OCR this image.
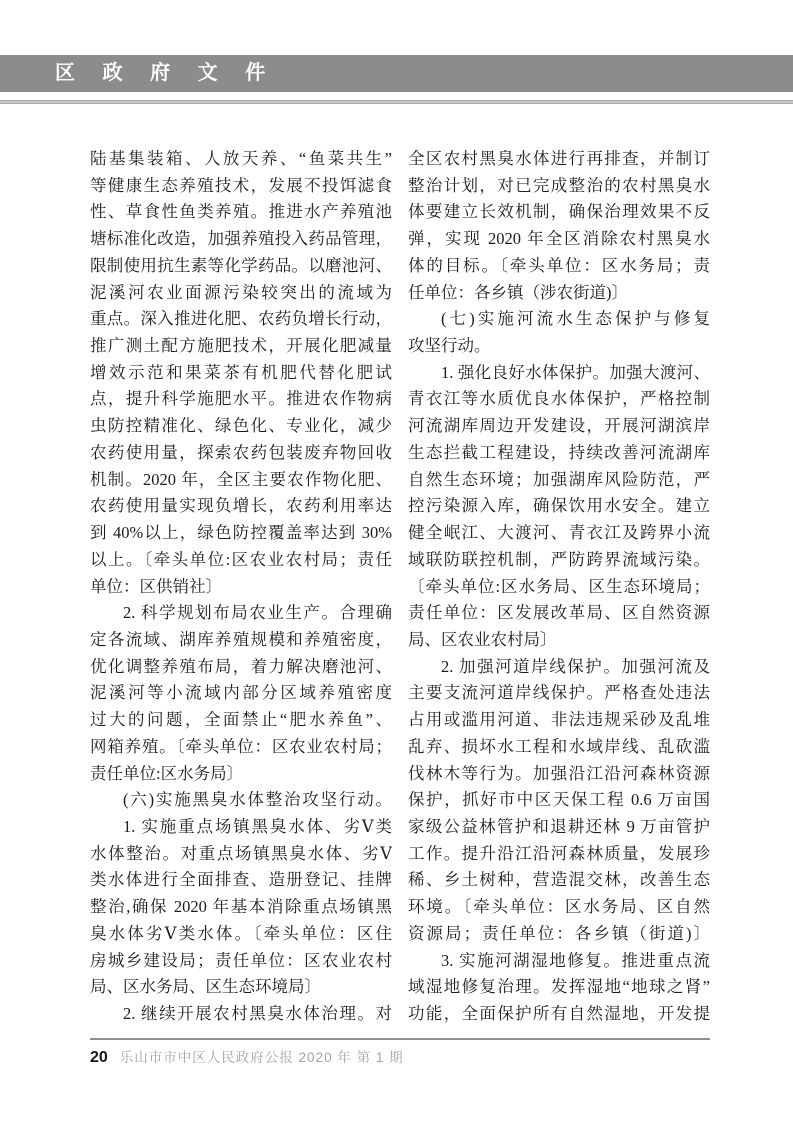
区 政 府 文 件
陆基集装箱、人放天养、“鱼菜共生”
等健康生态养殖技术，发展不投饵滤食
性、草食性鱼类养殖。推进水产养殖池
塘标准化改造，加强养殖投入药品管理，
限制使用抗生素等化学药品。以磨池河、
泥溪河农业面源污染较突出的流域为
重点。深入推进化肥、农药负增长行动，
推广测土配方施肥技术，开展化肥减量
增效示范和果菜茶有机肥代替化肥试
点，提升科学施肥水平。推进农作物病
虫防控精准化、绿色化、专业化，减少
农药使用量，探索农药包装废弃物回收
机制。2020 年，全区主要农作物化肥、
农药使用量实现负增长，农药利用率达
到 40%以上，绿色防控覆盖率达到 30%
以上。〔牵头单位:区农业农村局；责任
单位：区供销社〕
2. 科学规划布局农业生产。合理确
定各流域、湖库养殖规模和养殖密度，
优化调整养殖布局，着力解决磨池河、
泥溪河等小流域内部分区域养殖密度
过大的问题，全面禁止“肥水养鱼”、
网箱养殖。〔牵头单位：区农业农村局；
责任单位:区水务局〕
(六)实施黑臭水体整治攻坚行动。
1. 实施重点场镇黑臭水体、劣Ⅴ类
水体整治。对重点场镇黑臭水体、劣Ⅴ
类水体进行全面排查、造册登记、挂牌
整治,确保 2020 年基本消除重点场镇黑
臭水体劣Ⅴ类水体。〔牵头单位：区住
房城乡建设局；责任单位：区农业农村
局、区水务局、区生态环境局〕
2. 继续开展农村黑臭水体治理。对
全区农村黑臭水体进行再排查，并制订
整治计划，对已完成整治的农村黑臭水
体要建立长效机制，确保治理效果不反
弹，实现 2020 年全区消除农村黑臭水
体的目标。〔牵头单位：区水务局；责
任单位：各乡镇（涉农街道)〕
(七)实施河流水生态保护与修复
攻坚行动。
1. 强化良好水体保护。加强大渡河、
青衣江等水质优良水体保护，严格控制
河流湖库周边开发建设，开展河湖滨岸
生态拦截工程建设，持续改善河流湖库
自然生态环境；加强湖库风险防范，严
控污染源入库，确保饮用水安全。建立
健全岷江、大渡河、青衣江及跨界小流
域联防联控机制，严防跨界流域污染。
〔牵头单位:区水务局、区生态环境局；
责任单位：区发展改革局、区自然资源
局、区农业农村局〕
2. 加强河道岸线保护。加强河流及
主要支流河道岸线保护。严格查处违法
占用或滥用河道、非法违规采砂及乱堆
乱弃、损坏水工程和水域岸线、乱砍滥
伐林木等行为。加强沿江沿河森林资源
保护，抓好市中区天保工程 0.6 万亩国
家级公益林管护和退耕还林 9 万亩管护
工作。提升沿江沿河森林质量，发展珍
稀、乡土树种，营造混交林，改善生态
环境。〔牵头单位：区水务局、区自然
资源局；责任单位：各乡镇（街道)〕
3. 实施河湖湿地修复。推进重点流
域湿地修复治理。发挥湿地“地球之肾”
功能，全面保护所有自然湿地，开发提
20 乐山市市中区人民政府公报 2020 年 第 1 期
